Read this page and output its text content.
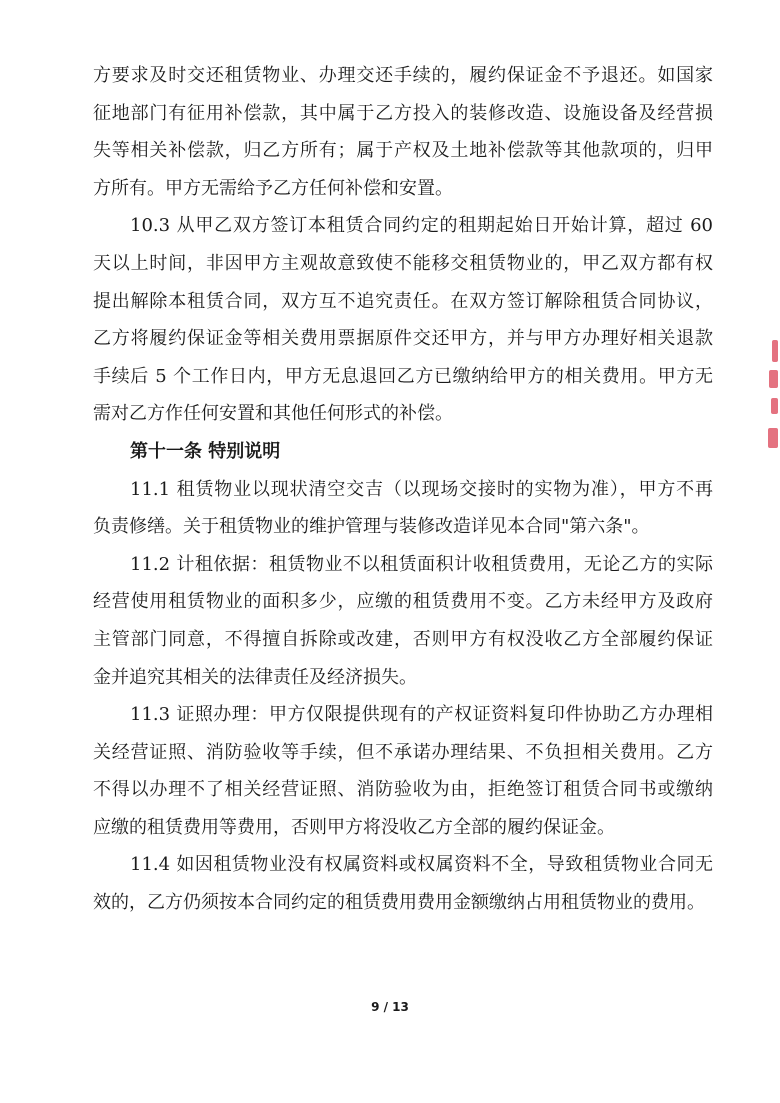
方要求及时交还租赁物业、办理交还手续的，履约保证金不予退还。如国家
征地部门有征用补偿款，其中属于乙方投入的装修改造、设施设备及经营损
失等相关补偿款，归乙方所有；属于产权及土地补偿款等其他款项的，归甲
方所有。甲方无需给予乙方任何补偿和安置。
10.3 从甲乙双方签订本租赁合同约定的租期起始日开始计算，超过 60
天以上时间，非因甲方主观故意致使不能移交租赁物业的，甲乙双方都有权
提出解除本租赁合同，双方互不追究责任。在双方签订解除租赁合同协议，
乙方将履约保证金等相关费用票据原件交还甲方，并与甲方办理好相关退款
手续后 5 个工作日内，甲方无息退回乙方已缴纳给甲方的相关费用。甲方无
需对乙方作任何安置和其他任何形式的补偿。
第十一条 特别说明
11.1 租赁物业以现状清空交吉（以现场交接时的实物为准），甲方不再
负责修缮。关于租赁物业的维护管理与装修改造详见本合同"第六条"。
11.2 计租依据：租赁物业不以租赁面积计收租赁费用，无论乙方的实际
经营使用租赁物业的面积多少，应缴的租赁费用不变。乙方未经甲方及政府
主管部门同意，不得擅自拆除或改建，否则甲方有权没收乙方全部履约保证
金并追究其相关的法律责任及经济损失。
11.3 证照办理：甲方仅限提供现有的产权证资料复印件协助乙方办理相
关经营证照、消防验收等手续，但不承诺办理结果、不负担相关费用。乙方
不得以办理不了相关经营证照、消防验收为由，拒绝签订租赁合同书或缴纳
应缴的租赁费用等费用，否则甲方将没收乙方全部的履约保证金。
11.4 如因租赁物业没有权属资料或权属资料不全，导致租赁物业合同无
效的，乙方仍须按本合同约定的租赁费用费用金额缴纳占用租赁物业的费用。
9 / 13
